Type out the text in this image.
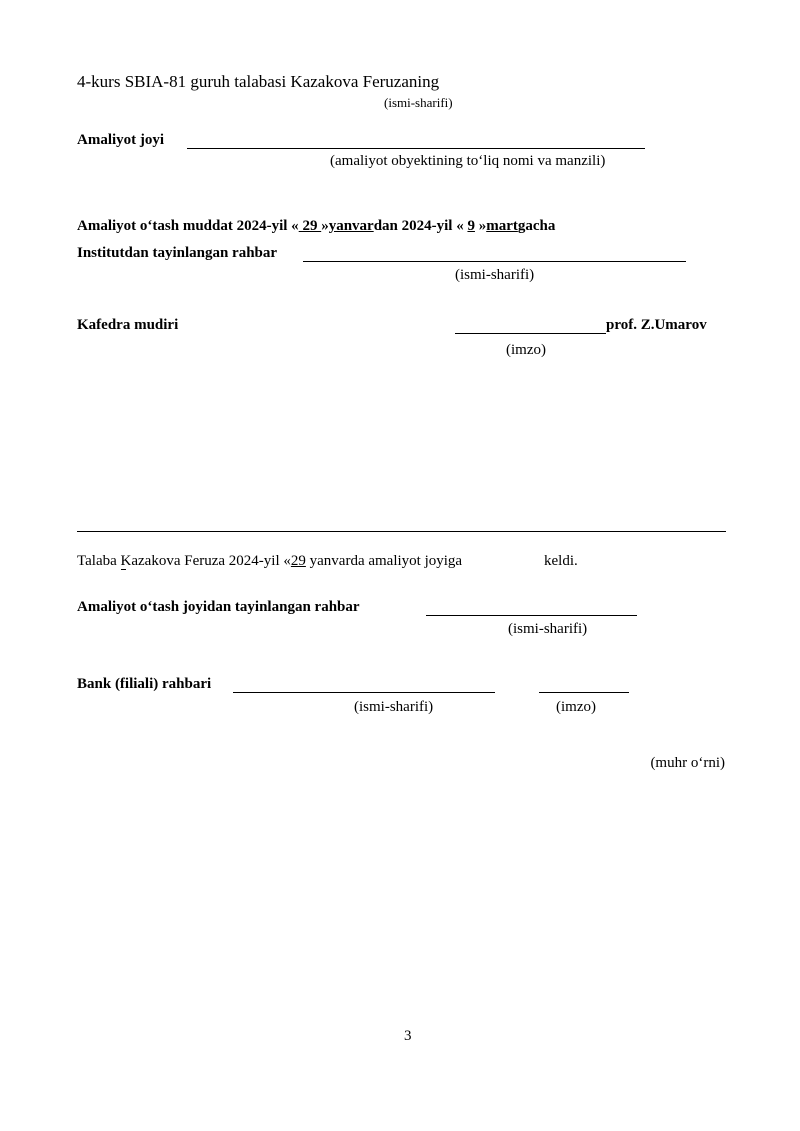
4-kurs SBIA-81 guruh talabasi Kazakova Feruzaning
(ismi-sharifi)
Amaliyot joyi
(amaliyot obyektining to‘liq nomi va manzili)
Amaliyot o‘tash muddat 2024-yil « 29 »yanvardan 2024-yil « 9 »martgacha
Institutdan tayinlangan rahbar
(ismi-sharifi)
Kafedra mudiri	prof. Z.Umarov
(imzo)
Talaba Kazakova Feruza 2024-yil «29 yanvarda amaliyot joyiga	keldi.
Amaliyot o‘tash joyidan tayinlangan rahbar
(ismi-sharifi)
Bank (filiali) rahbari
(ismi-sharifi)	(imzo)
(muhr o‘rni)
3
